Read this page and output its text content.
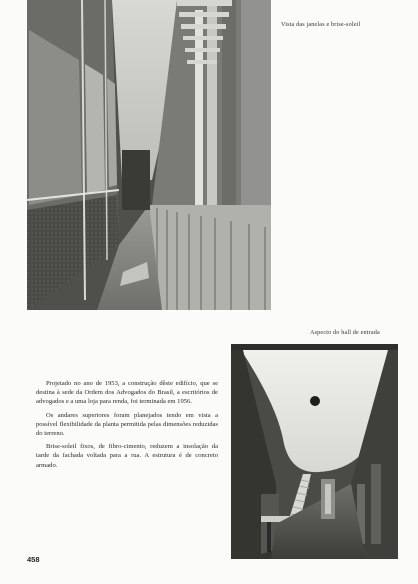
Vista das janelas e brise-soleil
Aspecto do hall de entrada

Projetado no ano de 1953, a construção dêste edifício, que se destina à sede da Ordem dos Advogados do Brasil, a escritórios de advogados e a uma loja para renda, foi terminada em 1956.

Os andares superiores foram planejados tendo em vista a possível flexibilidade da planta permitida pelas dimensões reduzidas do terreno.

Brise-soleil fixos, de fibro-cimento, reduzem a insolação da tarde da fachada voltada para a rua. A estrutura é de concreto armado.

458
